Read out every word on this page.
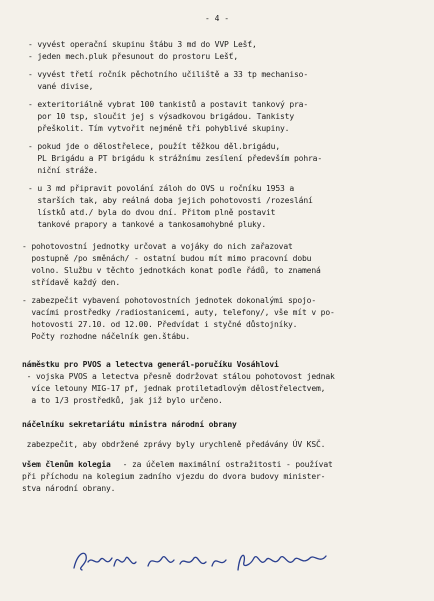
- 4 -
- vyvést operační skupinu štábu 3 md do VVP Lešť,
- jeden mech.pluk přesunout do prostoru Lešť,
- vyvést třetí ročník pěchotního učiliště a 33 tp mechaniso-
vané divise,
- exteritoriálně vybrat 100 tankistů a postavit tankový pra-
por 10 tsp, sloučit jej s výsadkovou brigádou. Tankisty
přeškolit. Tím vytvořit nejméně tři pohyblivé skupiny.
- pokud jde o dělostřelece, použít těžkou děl.brigádu,
PL Brigádu a PT brigádu k strážnímu zesílení především pohra-
niční stráže.
- u 3 md připravit povolání záloh do OVS u ročníku 1953 a
starších tak, aby reálná doba jejich pohotovosti /rozeslání
lístků atd./ byla do dvou dní. Přitom plně postavit
tankové prapory a tankové a tankosamohybné pluky.
- pohotovostní jednotky určovat a vojáky do nich zařazovat
postupně /po směnách/ - ostatní budou mít mimo pracovní dobu
volno. Službu v těchto jednotkách konat podle řádů, to znamená
střídavě každý den.
- zabezpečit vybavení pohotovostních jednotek dokonalými spojo-
vacími prostředky /radiostanicemi, auty, telefony/, vše mít v po-
hotovosti 27.10. od 12.00. Předvídat i styčné důstojníky.
Počty rozhodne náčelník gen.štábu.
náměstku pro PVOS a letectva generál-poručíku Vosáhlovi
- vojska PVOS a letectva přesně dodržovat stálou pohotovost jednak
více letouny MIG-17 pf, jednak protiletadlovým dělostřelectvem,
a to 1/3 prostředků, jak již bylo určeno.
náčelníku sekretariátu ministra národní obrany
zabezpečit, aby obdržené zprávy byly urychleně předávány ÚV KSČ.
všem členům kolegia - za účelem maximální ostražitosti - používat
při příchodu na kolegium zadního vjezdu do dvora budovy minister-
stva národní obrany.
